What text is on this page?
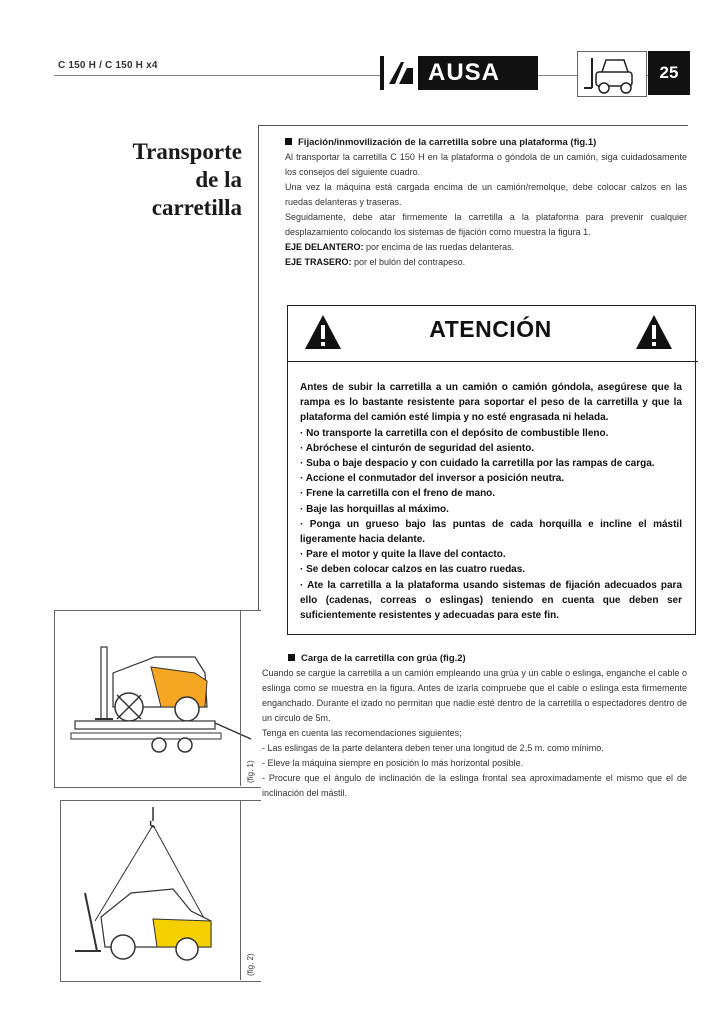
C 150 H / C 150 H x4	AUSA	25
Transporte
de la
carretilla
Fijación/inmovilización de la carretilla sobre una plataforma (fig.1)
Al transportar la carretilla C 150 H en la plataforma o góndola de un camión, siga cuidadosamente los consejos del siguiente cuadro.
Una vez la máquina está cargada encima de un camión/remolque, debe colocar calzos en las ruedas delanteras y traseras.
Seguidamente, debe atar firmemente la carretilla a la plataforma para prevenir cualquier desplazamiento colocando los sistemas de fijación como muestra la figura 1.
EJE DELANTERO: por encima de las ruedas delanteras.
EJE TRASERO: por el bulón del contrapeso.
ATENCIÓN
Antes de subir la carretilla a un camión o camión góndola, asegúrese que la rampa es lo bastante resistente para soportar el peso de la carretilla y que la plataforma del camión esté limpia y no esté engrasada ni helada.
· No transporte la carretilla con el depósito de combustible lleno.
· Abróchese el cinturón de seguridad del asiento.
· Suba o baje despacio y con cuidado la carretilla por las rampas de carga.
· Accione el conmutador del inversor a posición neutra.
· Frene la carretilla con el freno de mano.
· Baje las horquillas al máximo.
· Ponga un grueso bajo las puntas de cada horquilla e incline el mástil ligeramente hacia delante.
· Pare el motor y quite la llave del contacto.
· Se deben colocar calzos en las cuatro ruedas.
· Ate la carretilla a la plataforma usando sistemas de fijación adecuados para ello (cadenas, correas o eslingas) teniendo en cuenta que deben ser suficientemente resistentes y adecuadas para este fin.
Carga de la carretilla con grúa (fig.2)
Cuando se cargue la carretilla a un camión empleando una grúa y un cable o eslinga, enganche el cable o eslinga como se muestra en la figura. Antes de izarla compruebe que el cable o eslinga esta firmemente enganchado. Durante el izado no permitan que nadie esté dentro de la carretilla o espectadores dentro de un circulo de 5m.
Tenga en cuenta las recomendaciones siguientes;
- Las eslingas de la parte delantera deben tener una longitud de 2,5 m. como mínimo.
- Eleve la máquina siempre en posición lo más horizontal posible.
- Procure que el ángulo de inclinación de la eslinga frontal sea aproximadamente el mismo que el de inclinación del mástil.
(fig. 1)
(fig. 2)
